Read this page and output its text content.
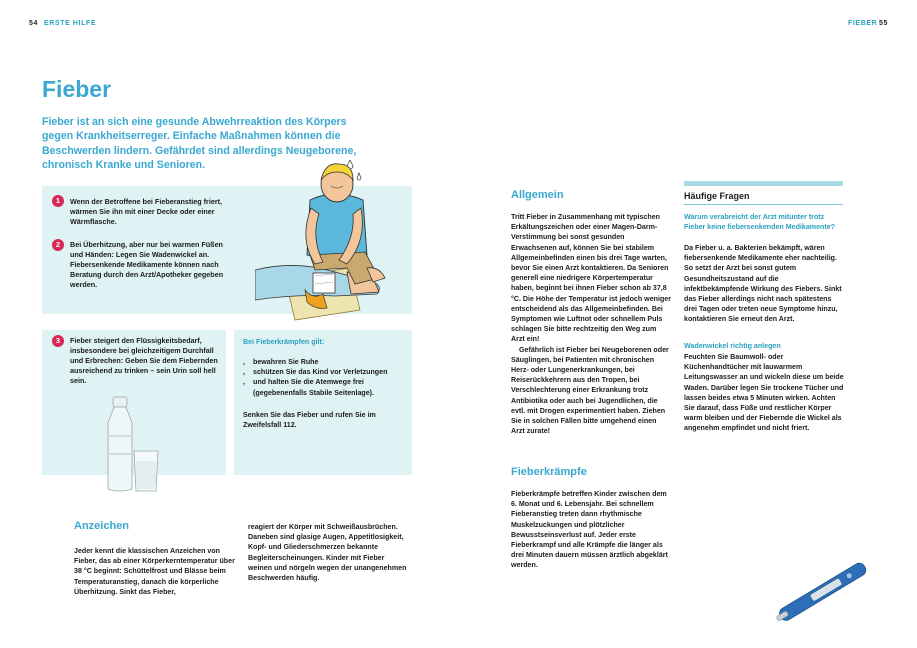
54 ERSTE HILFE	FIEBER 55
Fieber

Fieber ist an sich eine gesunde Abwehrreaktion des Körpers gegen Krankheitserreger. Einfache Maßnahmen können die Beschwerden lindern. Gefährdet sind allerdings Neugeborene, chronisch Kranke und Senioren.

1	Wenn der Betroffene bei Fieberanstieg friert, wärmen Sie ihn mit einer Decke oder einer Wärmflasche.
2	Bei Überhitzung, aber nur bei warmen Füßen und Händen: Legen Sie Wadenwickel an. Fiebersenkende Medikamente können nach Beratung durch den Arzt/Apotheker gegeben werden.
3	Fieber steigert den Flüssigkeitsbedarf, insbesondere bei gleichzeitigem Durchfall und Erbrechen: Geben Sie dem Fiebernden ausreichend zu trinken – sein Urin soll hell sein.
Bei Fieberkrämpfen gilt:
, bewahren Sie Ruhe
, schützen Sie das Kind vor Verletzungen
, und halten Sie die Atemwege frei (gegebenenfalls Stabile Seitenlage).

Senken Sie das Fieber und rufen Sie im Zweifelsfall 112.

Anzeichen

Jeder kennt die klassischen Anzeichen von Fieber, das ab einer Körperkerntemperatur über 38 °C beginnt: Schüttelfrost und Blässe beim Temperaturanstieg, danach die körperliche Überhitzung. Sinkt das Fieber,

reagiert der Körper mit Schweißausbrüchen. Daneben sind glasige Augen, Appetitlosigkeit, Kopf- und Gliederschmerzen bekannte Begleiterscheinungen. Kinder mit Fieber weinen und nörgeln wegen der unangenehmen Beschwerden häufig.

Allgemein

Tritt Fieber in Zusammenhang mit typischen Erkältungszeichen oder einer Magen-Darm-Verstimmung bei sonst gesunden Erwachsenen auf, können Sie bei stabilem Allgemeinbefinden einen bis drei Tage warten, bevor Sie einen Arzt kontaktieren. Da Senioren generell eine niedrigere Körpertemperatur haben, beginnt bei ihnen Fieber schon ab 37,8 °C. Die Höhe der Temperatur ist jedoch weniger entscheidend als das Allgemeinbefinden. Bei Symptomen wie Luftnot oder schnellem Puls schlagen Sie bitte rechtzeitig den Weg zum Arzt ein!

Gefährlich ist Fieber bei Neugeborenen oder Säuglingen, bei Patienten mit chronischen Herz- oder Lungenerkrankungen, bei Reiserückkehrern aus den Tropen, bei Verschlechterung einer Erkrankung trotz Antibiotika oder auch bei Jugendlichen, die evtl. mit Drogen experimentiert haben. Ziehen Sie in solchen Fällen bitte umgehend einen Arzt zurate!

Fieberkrämpfe

Fieberkrämpfe betreffen Kinder zwischen dem 6. Monat und 6. Lebensjahr. Bei schnellem Fieberanstieg treten dann rhythmische Muskelzuckungen und plötzlicher Bewusstseinsverlust auf. Jeder erste Fieberkrampf und alle Krämpfe die länger als drei Minuten dauern müssen ärztlich abgeklärt werden.

Häufige Fragen

Warum verabreicht der Arzt mitunter trotz Fieber keine fiebersenkenden Medikamente?

Da Fieber u. a. Bakterien bekämpft, wären fiebersenkende Medikamente eher nachteilig. So setzt der Arzt bei sonst gutem Gesundheitszustand auf die infektbekämpfende Wirkung des Fiebers. Sinkt das Fieber allerdings nicht nach spätestens drei Tagen oder treten neue Symptome hinzu, kontaktieren Sie erneut den Arzt.

Wadenwickel richtig anlegen

Feuchten Sie Baumwoll- oder Küchenhandtücher mit lauwarmem Leitungswasser an und wickeln diese um beide Waden. Darüber legen Sie trockene Tücher und lassen beides etwa 5 Minuten wirken. Achten Sie darauf, dass Füße und restlicher Körper warm bleiben und der Fiebernde die Wickel als angenehm empfindet und nicht friert.
